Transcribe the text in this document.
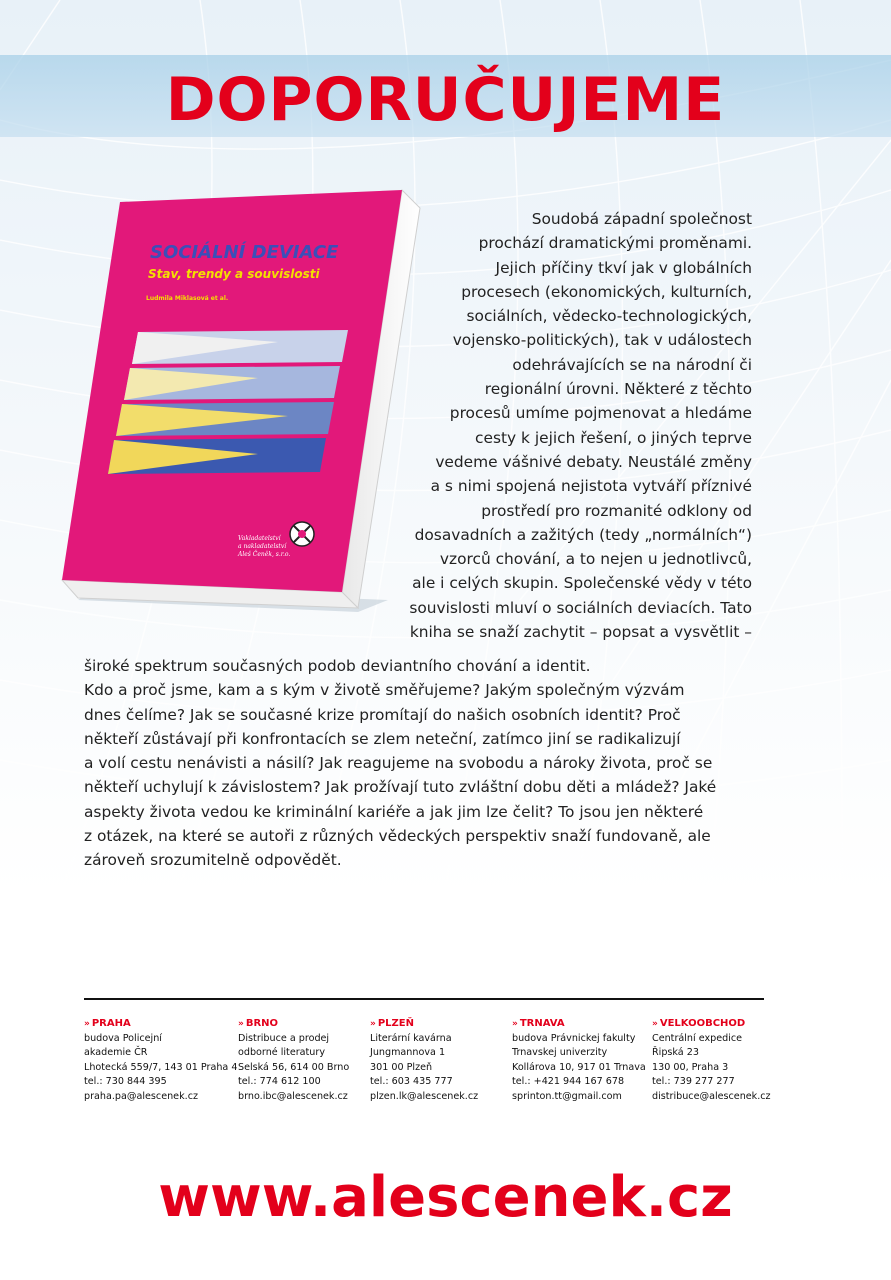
DOPORUČUJEME
SOCIÁLNÍ DEVIACE
Stav, trendy a souvislosti
Ludmila Miklasová et al.
Vakladatelství
a nakladatelství
Aleš Čeněk, s.r.o.
Soudobá západní společnost
prochází dramatickými proměnami.
Jejich příčiny tkví jak v globálních
procesech (ekonomických, kulturních,
sociálních, vědecko-technologických,
vojensko-politických), tak v událostech
odehrávajících se na národní či
regionální úrovni. Některé z těchto
procesů umíme pojmenovat a hledáme
cesty k jejich řešení, o jiných teprve
vedeme vášnivé debaty. Neustálé změny
a s nimi spojená nejistota vytváří příznivé
prostředí pro rozmanité odklony od
dosavadních a zažitých (tedy „normálních“)
vzorců chování, a to nejen u jednotlivců,
ale i celých skupin. Společenské vědy v této
souvislosti mluví o sociálních deviacích. Tato
kniha se snaží zachytit – popsat a vysvětlit –
široké spektrum současných podob deviantního chování a identit.
Kdo a proč jsme, kam a s kým v životě směřujeme? Jakým společným výzvám
dnes čelíme? Jak se současné krize promítají do našich osobních identit? Proč
někteří zůstávají při konfrontacích se zlem neteční, zatímco jiní se radikalizují
a volí cestu nenávisti a násilí? Jak reagujeme na svobodu a nároky života, proč se
někteří uchylují k závislostem? Jak prožívají tuto zvláštní dobu děti a mládež? Jaké
aspekty života vedou ke kriminální kariéře a jak jim lze čelit? To jsou jen některé
z otázek, na které se autoři z různých vědeckých perspektiv snaží fundovaně, ale
zároveň srozumitelně odpovědět.
» PRAHA
budova Policejní
akademie ČR
Lhotecká 559/7, 143 01 Praha 4
tel.: 730 844 395
praha.pa@alescenek.cz
» BRNO
Distribuce a prodej
odborné literatury
Selská 56, 614 00 Brno
tel.: 774 612 100
brno.ibc@alescenek.cz
» PLZEŇ
Literární kavárna
Jungmannova 1
301 00 Plzeň
tel.: 603 435 777
plzen.lk@alescenek.cz
» TRNAVA
budova Právnickej fakulty
Trnavskej univerzity
Kollárova 10, 917 01 Trnava
tel.: +421 944 167 678
sprinton.tt@gmail.com
» VELKOOBCHOD
Centrální expedice
Řipská 23
130 00, Praha 3
tel.: 739 277 277
distribuce@alescenek.cz
www.alescenek.cz
